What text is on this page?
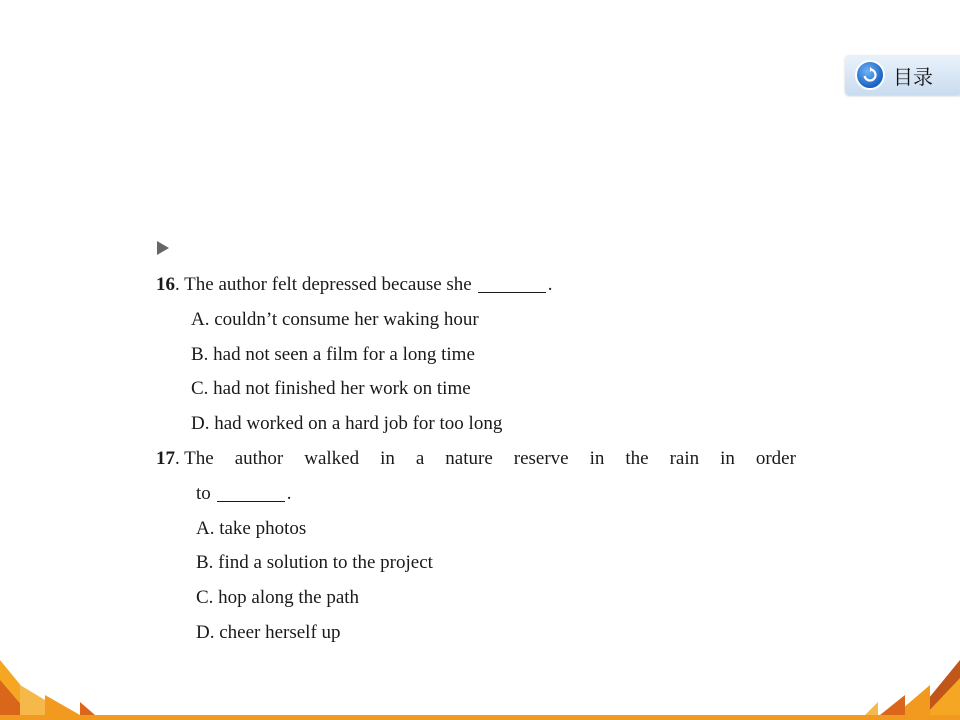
目录
16. The author felt depressed because she	.
A. couldn’t consume her waking hour
B. had not seen a film for a long time
C. had not finished her work on time
D. had worked on a hard job for too long
17. The author walked in a nature reserve in the rain in order
to	.
A. take photos
B. find a solution to the project
C. hop along the path
D. cheer herself up
